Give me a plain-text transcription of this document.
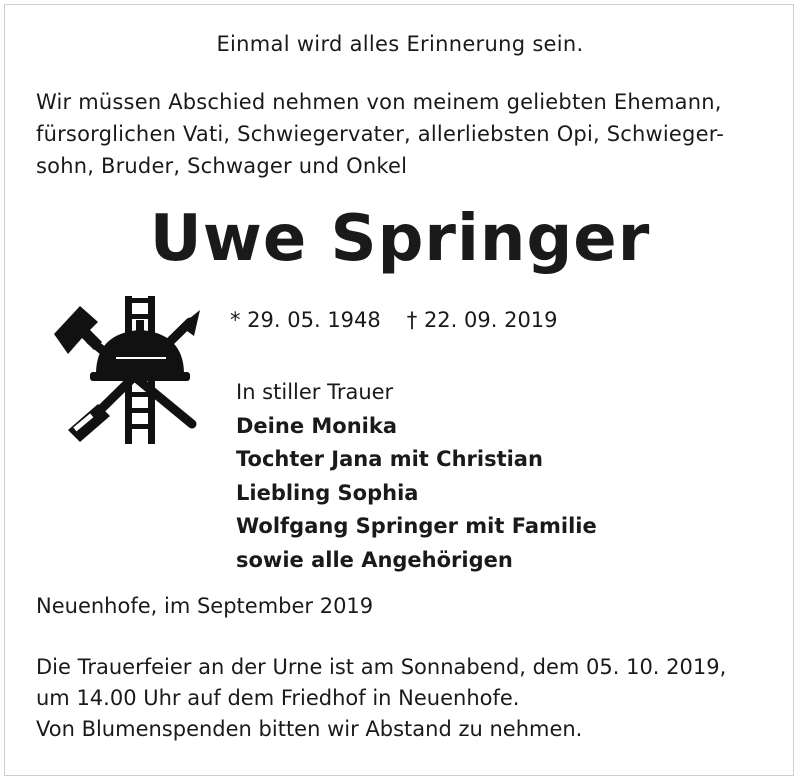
Einmal wird alles Erinnerung sein.
Wir müssen Abschied nehmen von meinem geliebten Ehemann,
fürsorglichen Vati, Schwiegervater, allerliebsten Opi, Schwieger-
sohn, Bruder, Schwager und Onkel
Uwe Springer
* 29. 05. 1948 † 22. 09. 2019
In stiller Trauer
Deine Monika
Tochter Jana mit Christian
Liebling Sophia
Wolfgang Springer mit Familie
sowie alle Angehörigen
Neuenhofe, im September 2019
Die Trauerfeier an der Urne ist am Sonnabend, dem 05. 10. 2019,
um 14.00 Uhr auf dem Friedhof in Neuenhofe.
Von Blumenspenden bitten wir Abstand zu nehmen.
